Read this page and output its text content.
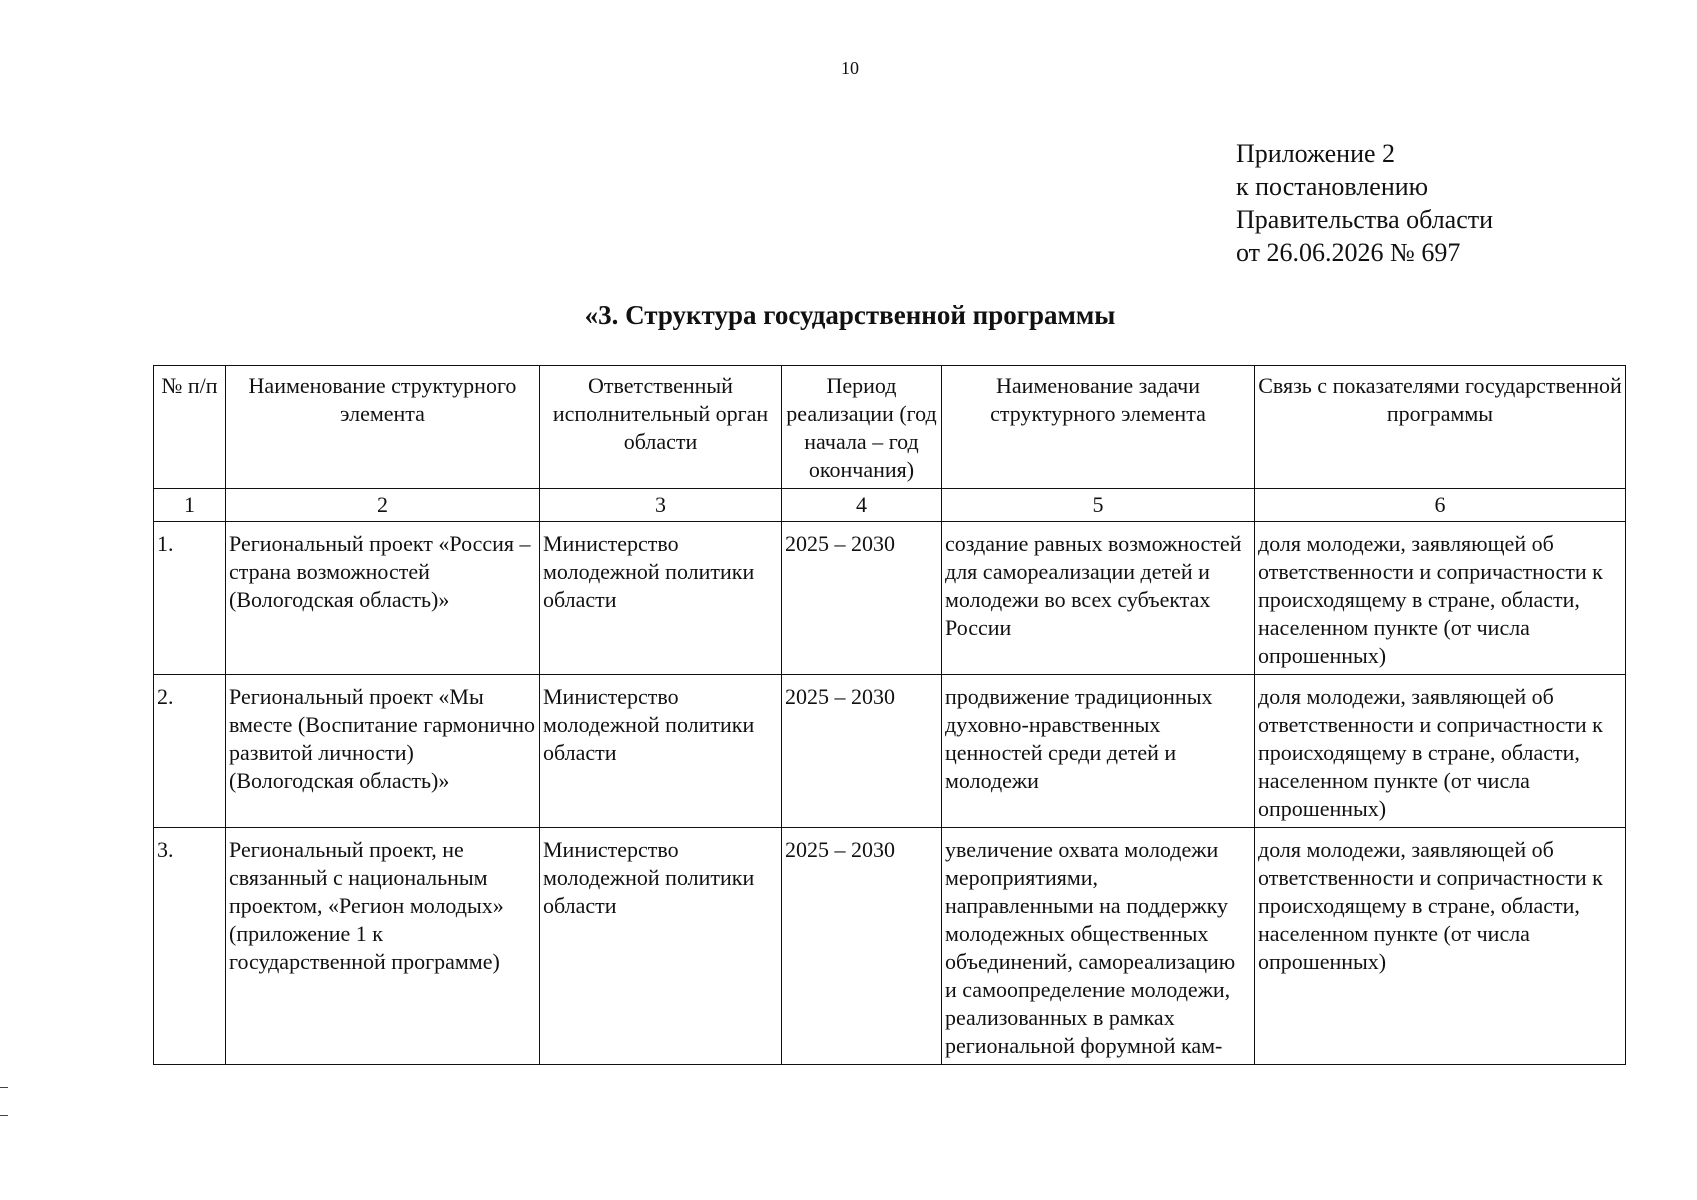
10
Приложение 2
к постановлению
Правительства области
от 26.06.2026 № 697
«3. Структура государственной программы
№ п/п	Наименование структурного элемента	Ответственный исполнительный орган области	Период реализации (год начала – год окончания)	Наименование задачи структурного элемента	Связь с показателями государственной программы
1	2	3	4	5	6
1.	Региональный проект «Россия – страна возможностей (Вологодская область)»	Министерство молодежной политики области	2025 – 2030	создание равных возможностей для самореализации детей и молодежи во всех субъектах России	доля молодежи, заявляющей об ответственности и сопричастности к происходящему в стране, области, населенном пункте (от числа опрошенных)
2.	Региональный проект «Мы вместе (Воспитание гармонично развитой личности) (Вологодская область)»	Министерство молодежной политики области	2025 – 2030	продвижение традиционных духовно-нравственных ценностей среди детей и молодежи	доля молодежи, заявляющей об ответственности и сопричастности к происходящему в стране, области, населенном пункте (от числа опрошенных)
3.	Региональный проект, не связанный с национальным проектом, «Регион молодых» (приложение 1 к государственной программе)	Министерство молодежной политики области	2025 – 2030	увеличение охвата молодежи мероприятиями, направленными на поддержку молодежных общественных объединений, самореализацию и самоопределение молодежи, реализованных в рамках региональной форумной кам-	доля молодежи, заявляющей об ответственности и сопричастности к происходящему в стране, области, населенном пункте (от числа опрошенных)
